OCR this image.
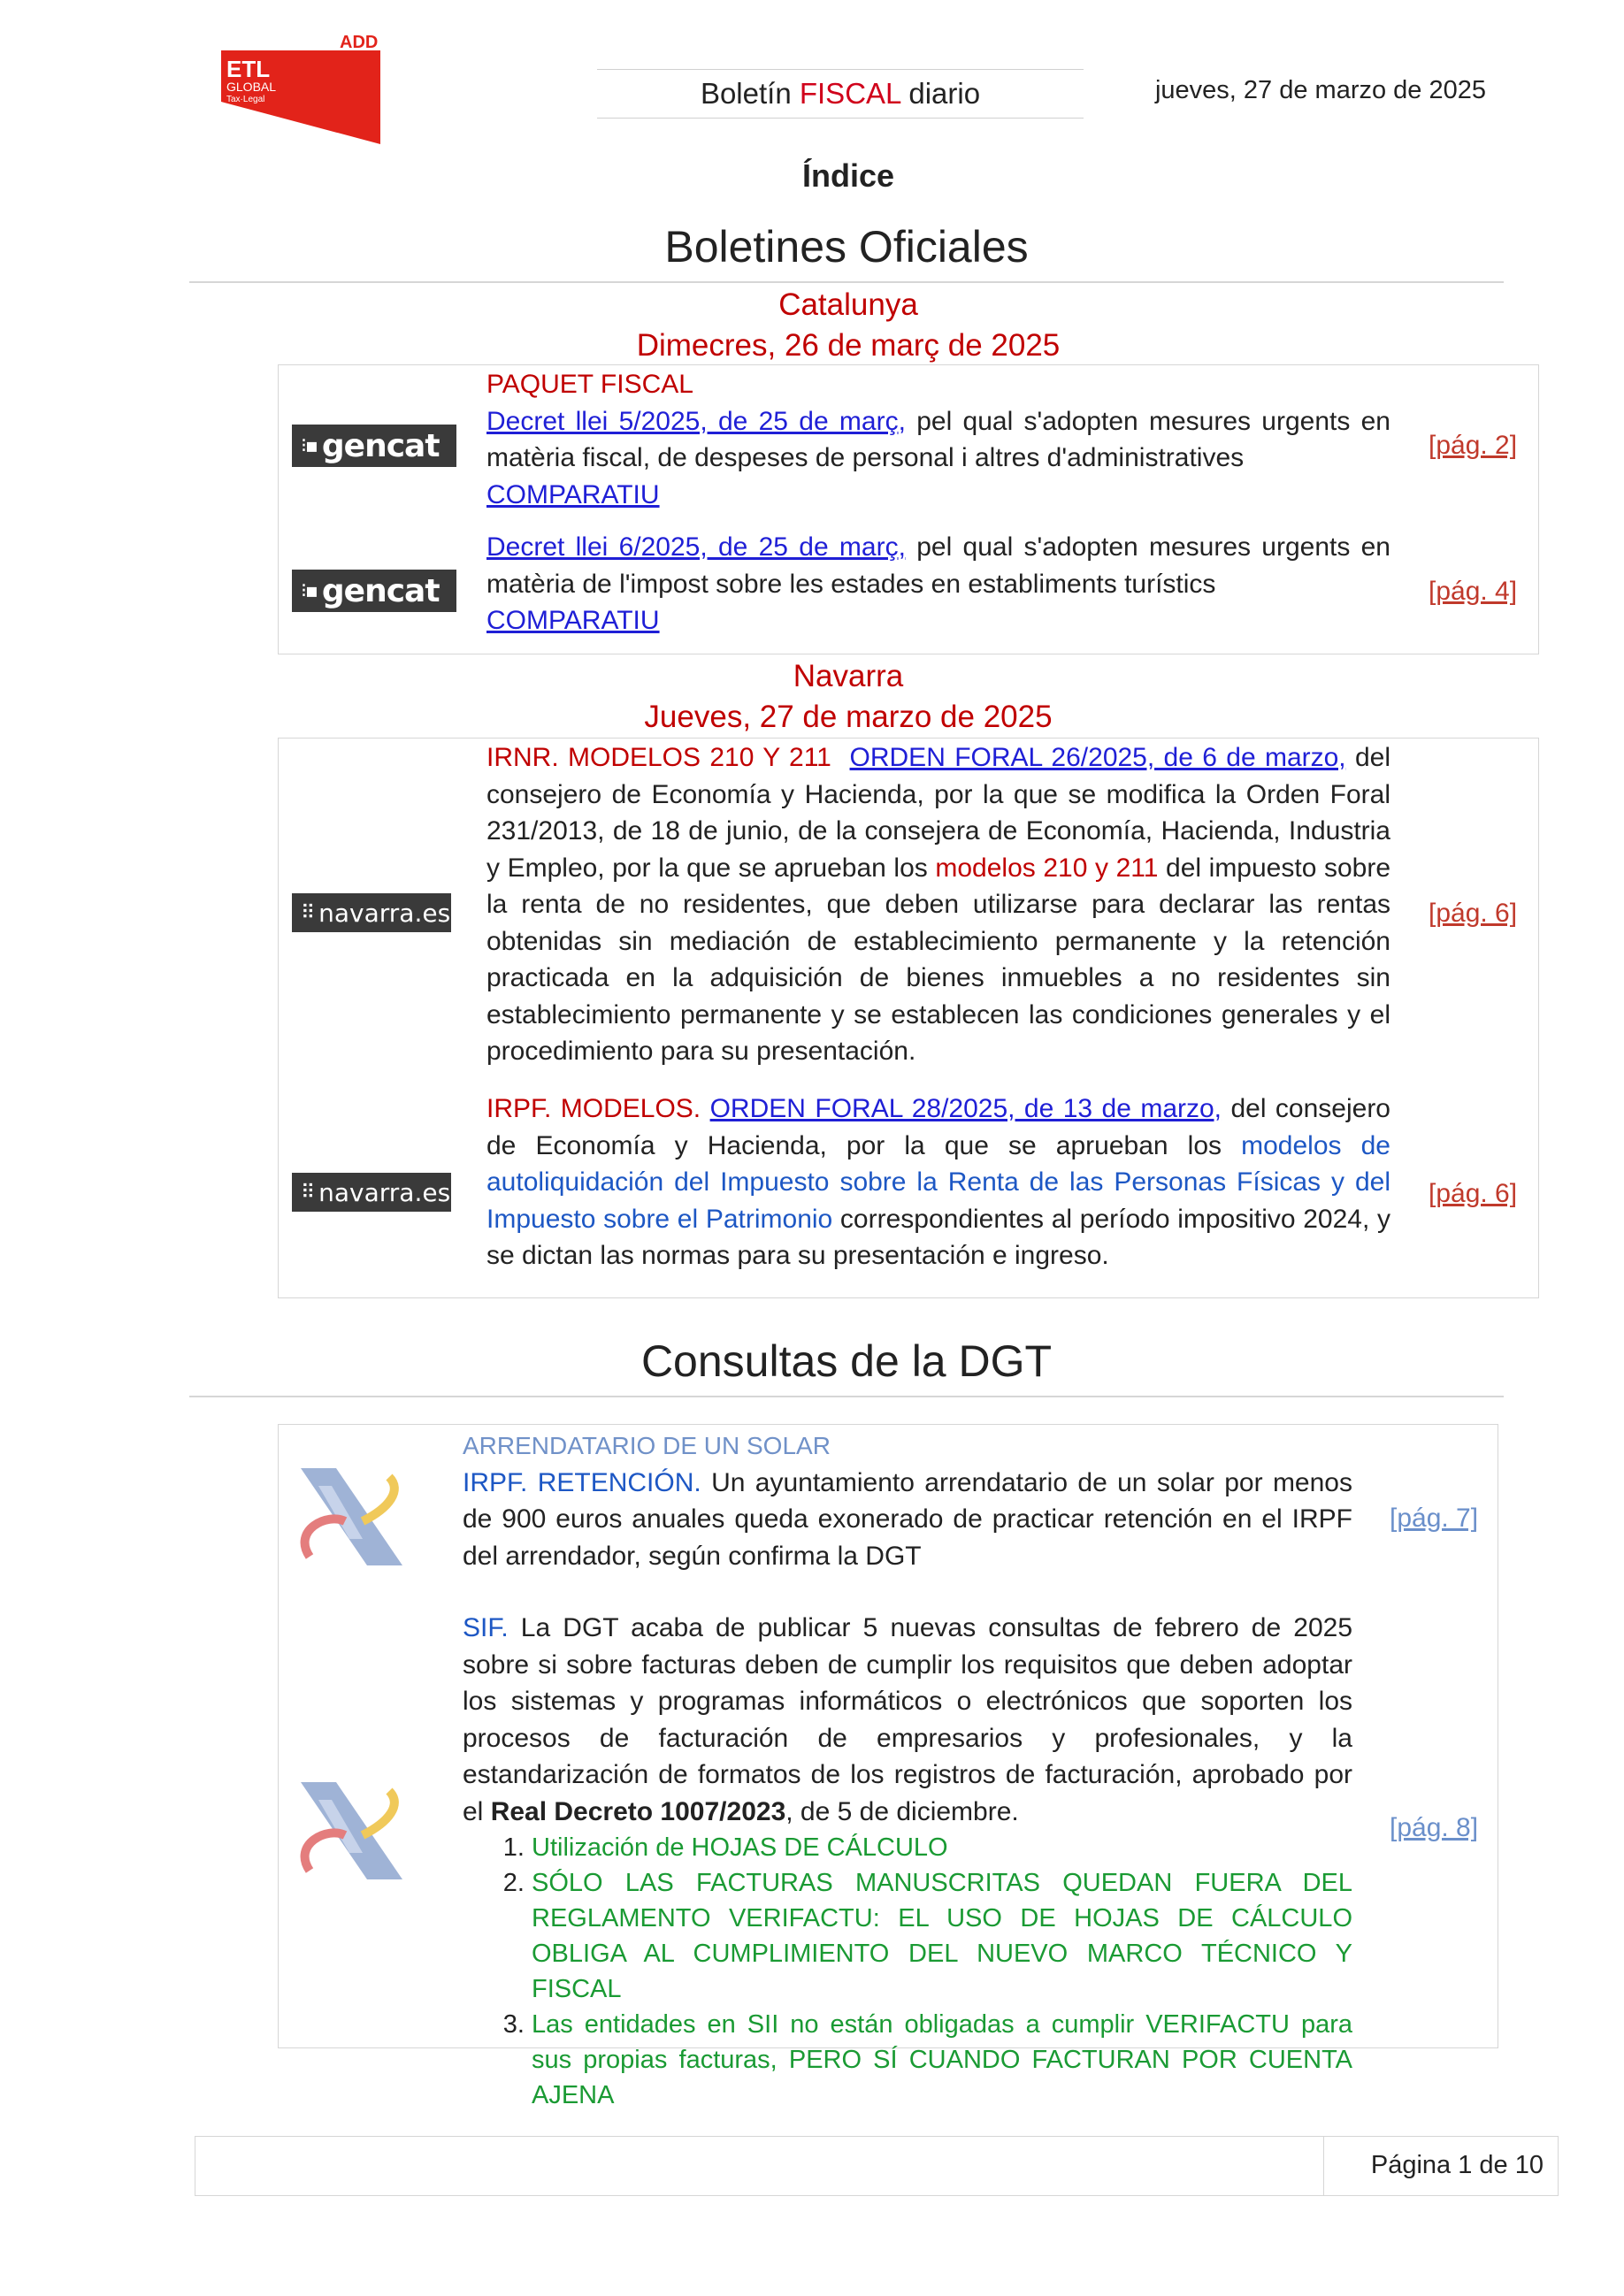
ADD
ETL
GLOBAL
Tax·Legal	Boletín FISCAL diario	jueves, 27 de marzo de 2025
Índice
Boletines Oficiales
Catalunya
Dimecres, 26 de març de 2025
⁝▪ gencat
PAQUET FISCAL
Decret llei 5/2025, de 25 de març, pel qual s'adopten mesures urgents en matèria fiscal, de despeses de personal i altres d'administratives
COMPARATIU
[pág. 2]
⁝▪ gencat
Decret llei 6/2025, de 25 de març, pel qual s'adopten mesures urgents en matèria de l'impost sobre les estades en establiments turístics
COMPARATIU
[pág. 4]
Navarra
Jueves, 27 de marzo de 2025
⠿ navarra.es
IRNR. MODELOS 210 Y 211 ORDEN FORAL 26/2025, de 6 de marzo, del consejero de Economía y Hacienda, por la que se modifica la Orden Foral 231/2013, de 18 de junio, de la consejera de Economía, Hacienda, Industria y Empleo, por la que se aprueban los modelos 210 y 211 del impuesto sobre la renta de no residentes, que deben utilizarse para declarar las rentas obtenidas sin mediación de establecimiento permanente y la retención practicada en la adquisición de bienes inmuebles a no residentes sin establecimiento permanente y se establecen las condiciones generales y el procedimiento para su presentación.
[pág. 6]
⠿ navarra.es
IRPF. MODELOS. ORDEN FORAL 28/2025, de 13 de marzo, del consejero de Economía y Hacienda, por la que se aprueban los modelos de autoliquidación del Impuesto sobre la Renta de las Personas Físicas y del Impuesto sobre el Patrimonio correspondientes al período impositivo 2024, y se dictan las normas para su presentación e ingreso.
[pág. 6]
Consultas de la DGT
ARRENDATARIO DE UN SOLAR
IRPF. RETENCIÓN. Un ayuntamiento arrendatario de un solar por menos de 900 euros anuales queda exonerado de practicar retención en el IRPF del arrendador, según confirma la DGT
[pág. 7]
SIF. La DGT acaba de publicar 5 nuevas consultas de febrero de 2025 sobre si sobre facturas deben de cumplir los requisitos que deben adoptar los sistemas y programas informáticos o electrónicos que soporten los procesos de facturación de empresarios y profesionales, y la estandarización de formatos de los registros de facturación, aprobado por el Real Decreto 1007/2023, de 5 de diciembre.
1. Utilización de HOJAS DE CÁLCULO
2. SÓLO LAS FACTURAS MANUSCRITAS QUEDAN FUERA DEL REGLAMENTO VERIFACTU: EL USO DE HOJAS DE CÁLCULO OBLIGA AL CUMPLIMIENTO DEL NUEVO MARCO TÉCNICO Y FISCAL
3. Las entidades en SII no están obligadas a cumplir VERIFACTU para sus propias facturas, PERO SÍ CUANDO FACTURAN POR CUENTA AJENA
[pág. 8]
Página 1 de 10
